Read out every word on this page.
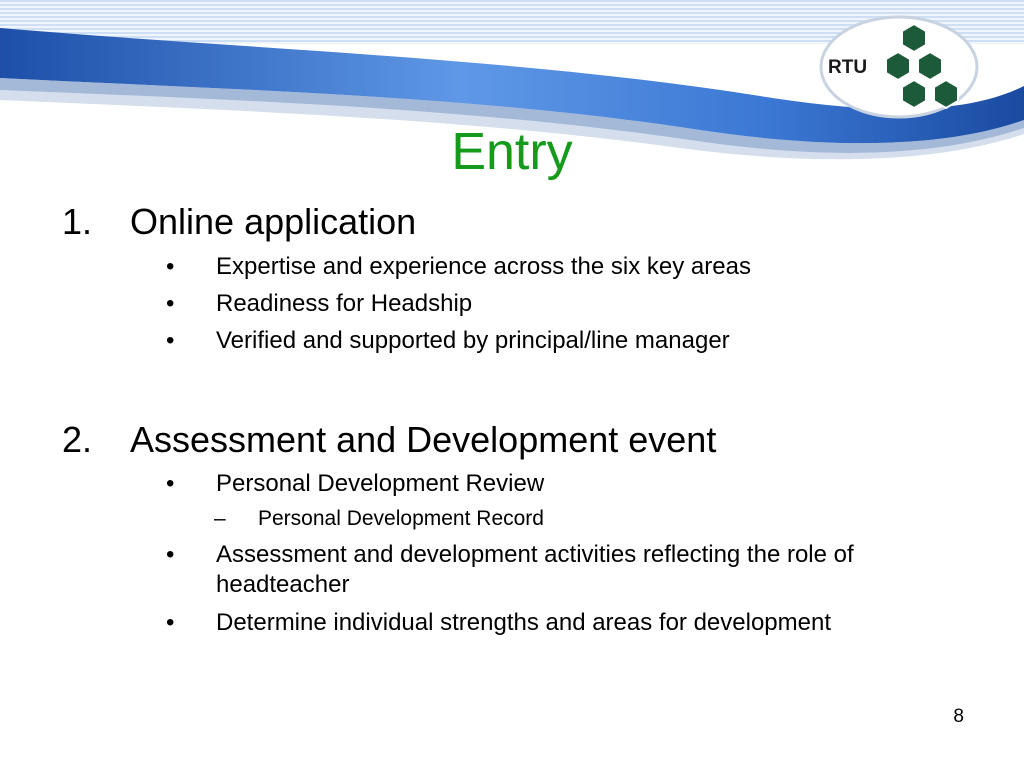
RTU
Entry
1. Online application
• Expertise and experience across the six key areas
• Readiness for Headship
• Verified and supported by principal/line manager
2. Assessment and Development event
• Personal Development Review
– Personal Development Record
• Assessment and development activities reflecting the role of headteacher
• Determine individual strengths and areas for development
8
